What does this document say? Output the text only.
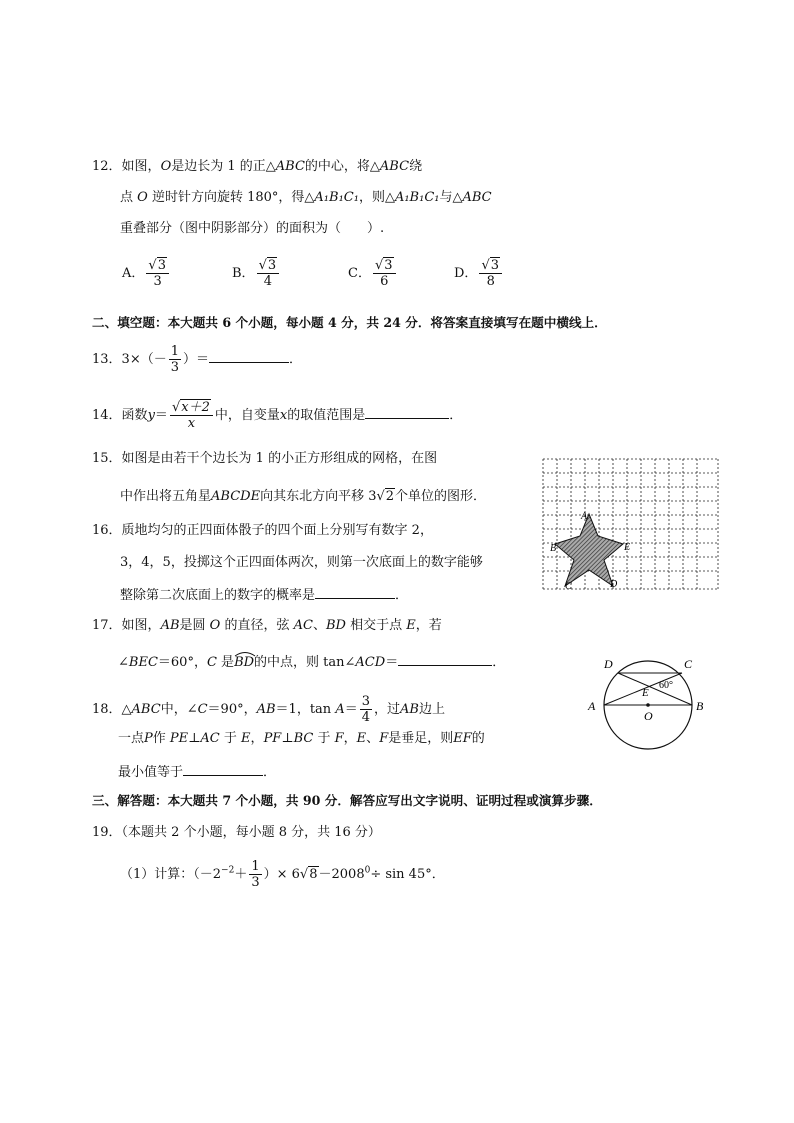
12．如图，O是边长为 1 的正△ABC的中心，将△ABC绕
点 O 逆时针方向旋转 180°，得△A₁B₁C₁，则△A₁B₁C₁与△ABC
重叠部分（图中阴影部分）的面积为（　　）.
A． $\frac{√3}{3}$	B． $\frac{√3}{4}$	C． $\frac{√3}{6}$	D． $\frac{√3}{8}$
二、填空题：本大题共 6 个小题，每小题 4 分，共 24 分．将答案直接填写在题中横线上．
13．$3\times(- \frac{1}{3}$ ）＝	．
14．函数$y= \frac{√x+2}{x}$ 中，自变量x的取值范围是	．
15．如图是由若干个边长为 1 的小正方形组成的网格，在图
中作出将五角星ABCDE向其东北方向平移 3√2个单位的图形．
16．质地均匀的正四面体骰子的四个面上分别写有数字 2，
3，4，5，投掷这个正四面体两次，则第一次底面上的数字能够
整除第二次底面上的数字的概率是	．
17．如图，AB是圆 O 的直径，弦 AC、BD 相交于点 E，若
∠BEC＝60°，C 是
BD的中点，则 tan∠ACD＝	．
18．△ABC中，∠C＝90°，AB＝1，$\tan A= \frac{3}{4}$ ，过AB边上
一点P作 PE⊥AC 于 E，PF⊥BC 于 F，E、F是垂足，则EF的
最小值等于	．
三、解答题：本大题共 7 个小题，共 90 分．解答应写出文字说明、证明过程或演算步骤．
19．（本题共 2 个小题，每小题 8 分，共 16 分）
（1）计算：（$-2^{-2}+ \frac{1}{3}$ ）× $6√8-2008^0\div \sin 45^\circ$．
A
B	E
C	D
D	C
A	B
E
O
60°
